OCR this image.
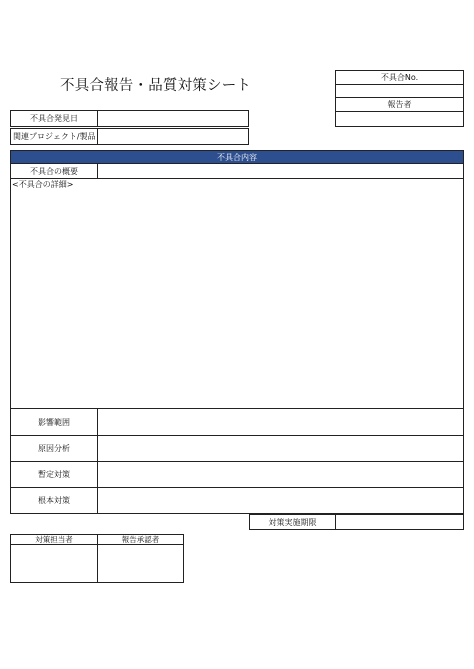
不具合報告・品質対策シート
不具合No.
報告者
不具合発見日
関連プロジェクト/製品
不具合内容
不具合の概要
<不具合の詳細>
影響範囲
原因分析
暫定対策
根本対策
対策実施期限
対策担当者	報告承認者
